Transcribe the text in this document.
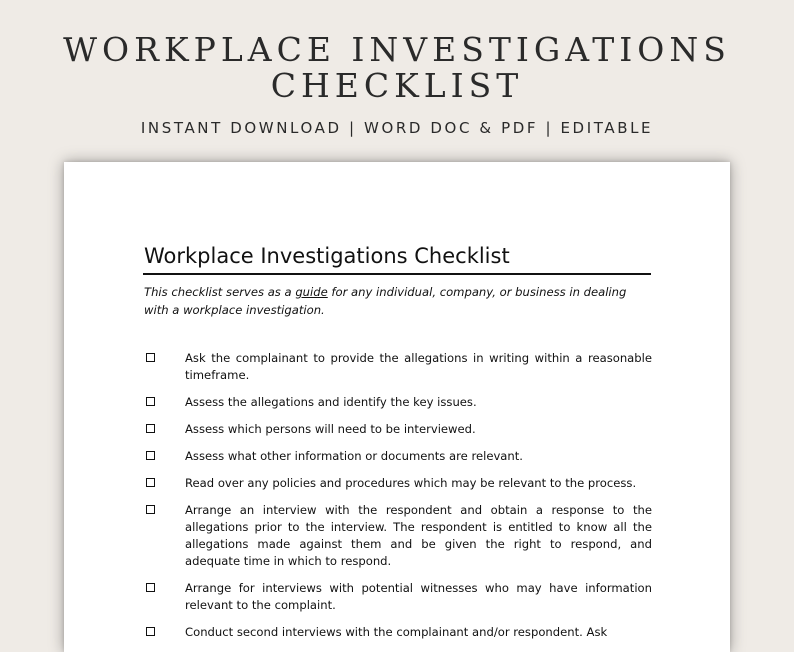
WORKPLACE INVESTIGATIONS
CHECKLIST
INSTANT DOWNLOAD | WORD DOC & PDF | EDITABLE
Workplace Investigations Checklist

This checklist serves as a guide for any individual, company, or business in dealing with a workplace investigation.

Ask the complainant to provide the allegations in writing within a reasonable timeframe.
Assess the allegations and identify the key issues.
Assess which persons will need to be interviewed.
Assess what other information or documents are relevant.
Read over any policies and procedures which may be relevant to the process.
Arrange an interview with the respondent and obtain a response to the allegations prior to the interview. The respondent is entitled to know all the allegations made against them and be given the right to respond, and adequate time in which to respond.
Arrange for interviews with potential witnesses who may have information relevant to the complaint.
Conduct second interviews with the complainant and/or respondent. Ask
